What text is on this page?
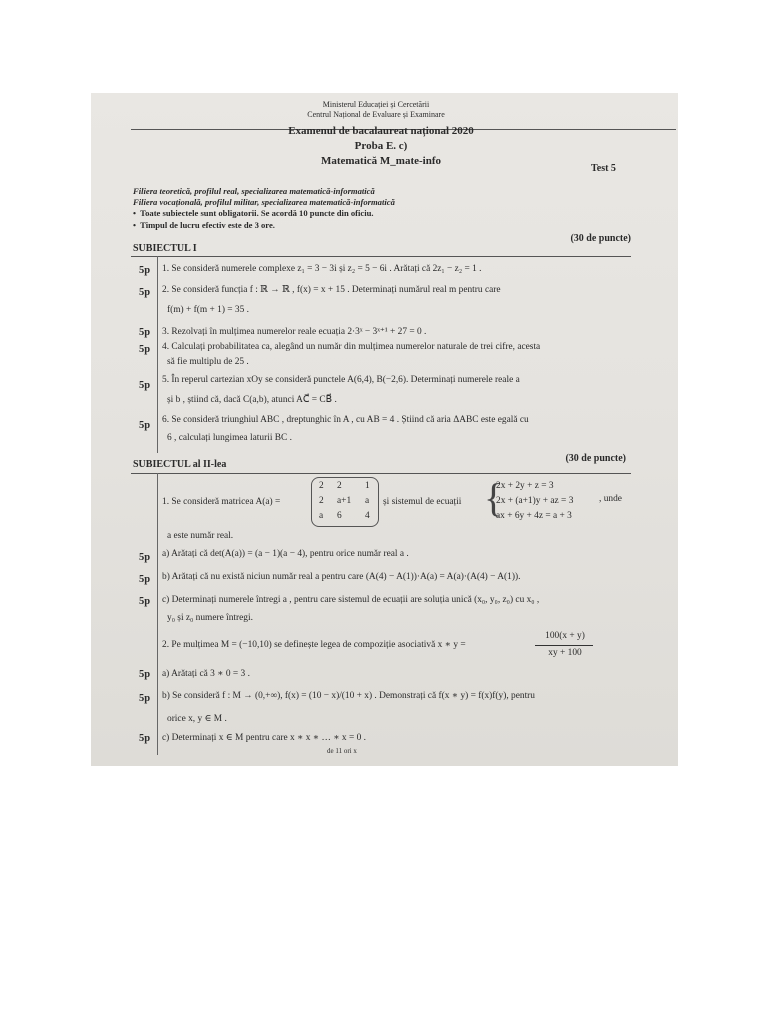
Ministerul Educației și Cercetării
Centrul Național de Evaluare și Examinare
Examenul de bacalaureat național 2020
Proba E. c)
Matematică M_mate-info
Test 5
Filiera teoretică, profilul real, specializarea matematică-informatică
Filiera vocațională, profilul militar, specializarea matematică-informatică
•  Toate subiectele sunt obligatorii. Se acordă 10 puncte din oficiu.
•  Timpul de lucru efectiv este de 3 ore.
SUBIECTUL I
(30 de puncte)
5p 1. Se consideră numerele complexe z₁ = 3 − 3i și z₂ = 5 − 6i . Arătați că 2z₁ − z₂ = 1 .
5p 2. Se consideră funcția f : ℝ → ℝ , f(x) = x + 15 . Determinați numărul real m pentru care
f(m) + f(m + 1) = 35 .
5p 3. Rezolvați în mulțimea numerelor reale ecuația 2·3ˣ − 3ˣ⁺¹ + 27 = 0 .
5p 4. Calculați probabilitatea ca, alegând un număr din mulțimea numerelor naturale de trei cifre, acesta
să fie multiplu de 25 .
5p 5. În reperul cartezian xOy se consideră punctele A(6,4), B(−2,6). Determinați numerele reale a
și b , știind că, dacă C(a,b), atunci AC⃗ = CB⃗ .
5p 6. Se consideră triunghiul ABC , dreptunghic în A , cu AB = 4 . Știind că aria ΔABC este egală cu
6 , calculați lungimea laturii BC .
SUBIECTUL al II-lea
(30 de puncte)
1. Se consideră matricea A(a) =
2 2 1
2 a+1 a
a 6 4
și sistemul de ecuații {
2x + 2y + z = 3
2x + (a+1)y + az = 3
ax + 6y + 4z = a + 3
, unde
a este număr real.
5p a) Arătați că det(A(a)) = (a − 1)(a − 4), pentru orice număr real a .
5p b) Arătați că nu există niciun număr real a pentru care (A(4) − A(1))·A(a) = A(a)·(A(4) − A(1)).
5p c) Determinați numerele întregi a , pentru care sistemul de ecuații are soluția unică (x₀, y₀, z₀) cu x₀ ,
y₀ și z₀ numere întregi.
2. Pe mulțimea M = (−10,10) se definește legea de compoziție asociativă x ∗ y =
100(x + y)
xy + 100
5p a) Arătați că 3 ∗ 0 = 3 .
5p b) Se consideră f : M → (0,+∞), f(x) = (10 − x)/(10 + x) . Demonstrați că f(x ∗ y) = f(x)f(y), pentru
orice x, y ∈ M .
5p c) Determinați x ∈ M pentru care x ∗ x ∗ … ∗ x = 0 .
de 11 ori x
